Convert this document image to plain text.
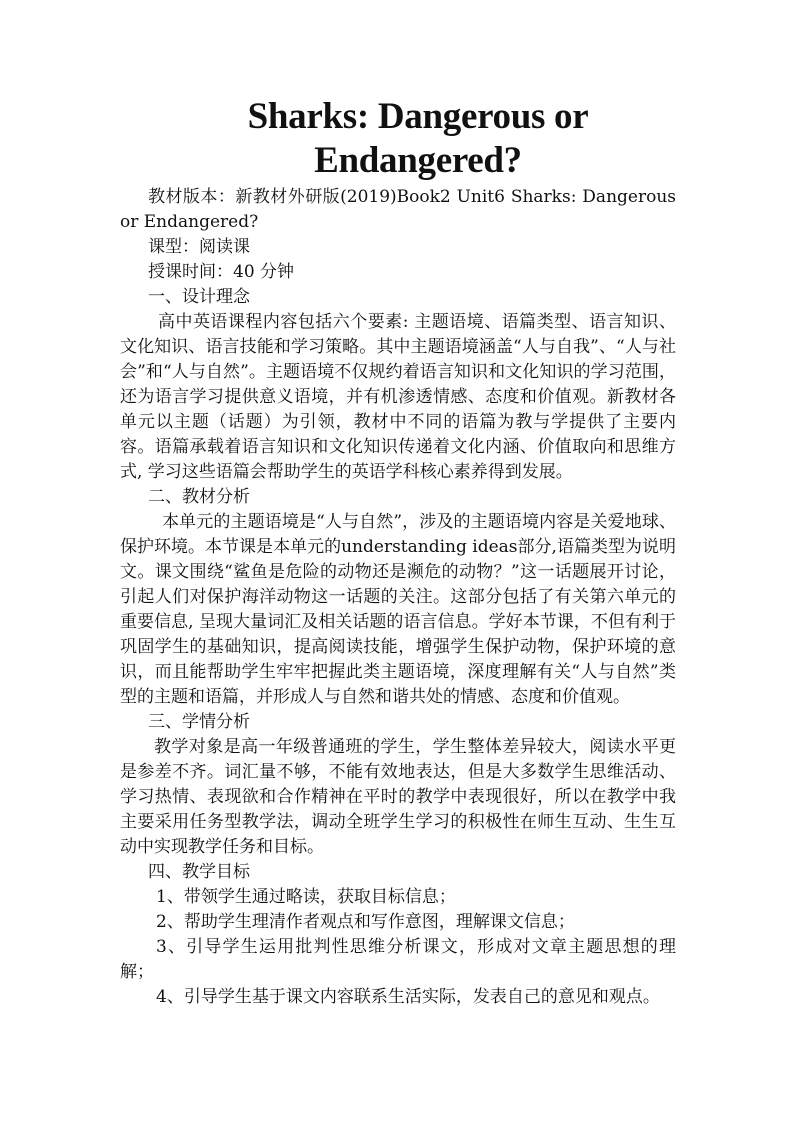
Sharks: Dangerous or Endangered?

教材版本：新教材外研版(2019)Book2 Unit6 Sharks: Dangerous or Endangered?

课型：阅读课

授课时间：40 分钟

一、设计理念

高中英语课程内容包括六个要素: 主题语境、语篇类型、语言知识、文化知识、语言技能和学习策略。其中主题语境涵盖“人与自我”、“人与社会”和“人与自然”。主题语境不仅规约着语言知识和文化知识的学习范围，还为语言学习提供意义语境，并有机渗透情感、态度和价值观。新教材各单元以主题（话题）为引领，教材中不同的语篇为教与学提供了主要内容。语篇承载着语言知识和文化知识传递着文化内涵、价值取向和思维方式, 学习这些语篇会帮助学生的英语学科核心素养得到发展。

二、教材分析

本单元的主题语境是“人与自然”，涉及的主题语境内容是关爱地球、保护环境。本节课是本单元的understanding ideas部分,语篇类型为说明文。课文围绕“鲨鱼是危险的动物还是濒危的动物？”这一话题展开讨论，引起人们对保护海洋动物这一话题的关注。这部分包括了有关第六单元的重要信息, 呈现大量词汇及相关话题的语言信息。学好本节课，不但有利于巩固学生的基础知识，提高阅读技能，增强学生保护动物，保护环境的意识，而且能帮助学生牢牢把握此类主题语境，深度理解有关“人与自然”类型的主题和语篇，并形成人与自然和谐共处的情感、态度和价值观。

三、学情分析

教学对象是高一年级普通班的学生，学生整体差异较大，阅读水平更是参差不齐。词汇量不够，不能有效地表达，但是大多数学生思维活动、学习热情、表现欲和合作精神在平时的教学中表现很好，所以在教学中我主要采用任务型教学法，调动全班学生学习的积极性在师生互动、生生互动中实现教学任务和目标。

四、教学目标

1、带领学生通过略读，获取目标信息；

2、帮助学生理清作者观点和写作意图，理解课文信息；

3、引导学生运用批判性思维分析课文，形成对文章主题思想的理解；

4、引导学生基于课文内容联系生活实际，发表自己的意见和观点。
